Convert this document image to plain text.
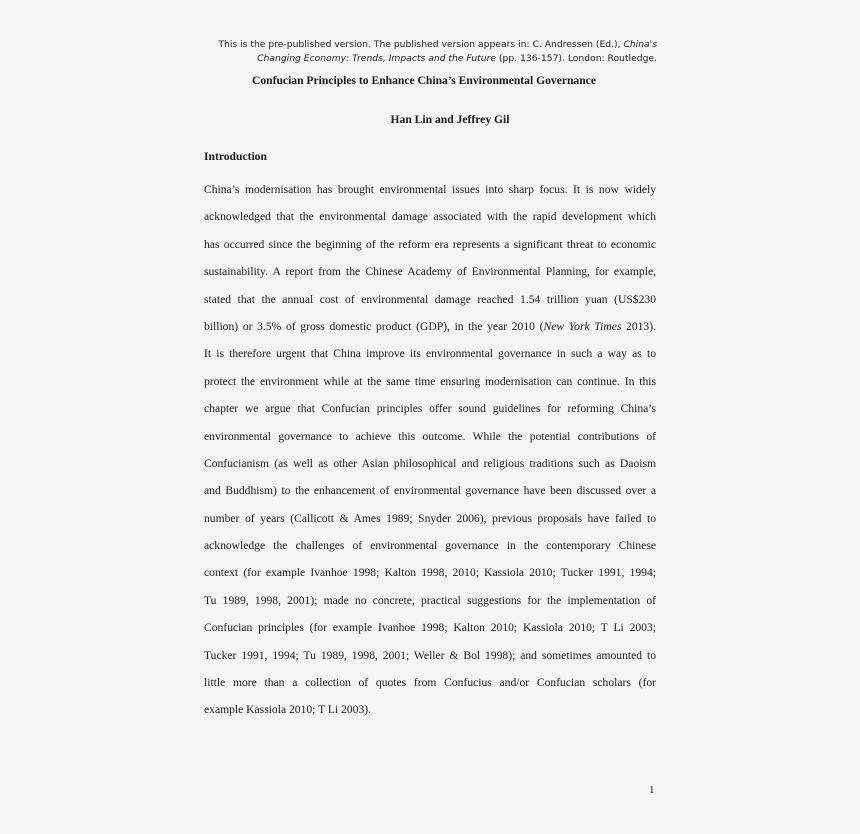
This is the pre-published version. The published version appears in: C. Andressen (Ed.), China's
Changing Economy: Trends, Impacts and the Future (pp. 136-157). London: Routledge.
Confucian Principles to Enhance China’s Environmental Governance
Han Lin and Jeffrey Gil
Introduction
China’s modernisation has brought environmental issues into sharp focus. It is now widely
acknowledged that the environmental damage associated with the rapid development which
has occurred since the beginning of the reform era represents a significant threat to economic
sustainability. A report from the Chinese Academy of Environmental Planning, for example,
stated that the annual cost of environmental damage reached 1.54 trillion yuan (US$230
billion) or 3.5% of gross domestic product (GDP), in the year 2010 (New York Times 2013).
It is therefore urgent that China improve its environmental governance in such a way as to
protect the environment while at the same time ensuring modernisation can continue. In this
chapter we argue that Confucian principles offer sound guidelines for reforming China’s
environmental governance to achieve this outcome. While the potential contributions of
Confucianism (as well as other Asian philosophical and religious traditions such as Daoism
and Buddhism) to the enhancement of environmental governance have been discussed over a
number of years (Callicott & Ames 1989; Snyder 2006), previous proposals have failed to
acknowledge the challenges of environmental governance in the contemporary Chinese
context (for example Ivanhoe 1998; Kalton 1998, 2010; Kassiola 2010; Tucker 1991, 1994;
Tu 1989, 1998, 2001); made no concrete, practical suggestions for the implementation of
Confucian principles (for example Ivanhoe 1998; Kalton 2010; Kassiola 2010; T Li 2003;
Tucker 1991, 1994; Tu 1989, 1998, 2001; Weller & Bol 1998); and sometimes amounted to
little more than a collection of quotes from Confucius and/or Confucian scholars (for
example Kassiola 2010; T Li 2003).
1
